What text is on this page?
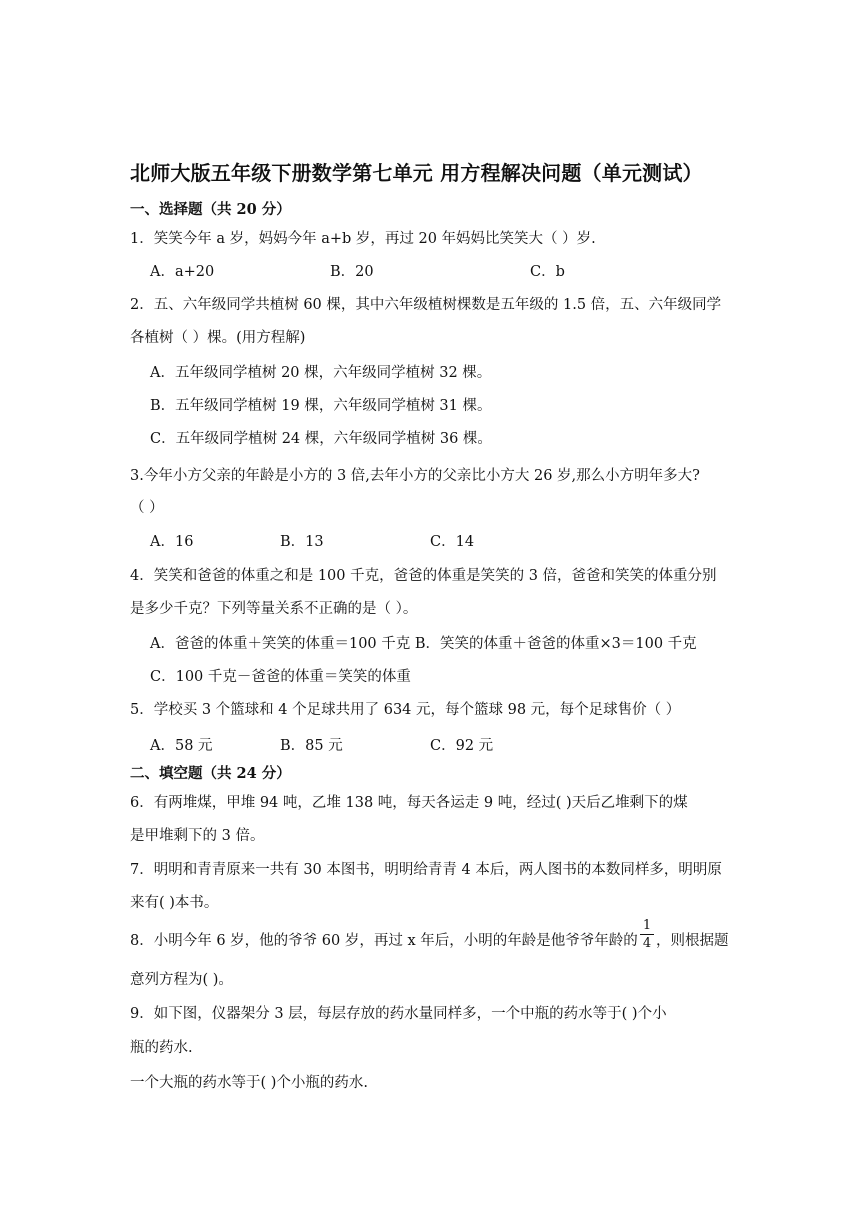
北师大版五年级下册数学第七单元 用方程解决问题（单元测试）
一、选择题（共 20 分）
1．笑笑今年 a 岁，妈妈今年 a+b 岁，再过 20 年妈妈比笑笑大（ ）岁.
A．a+20	B．20	C．b
2．五、六年级同学共植树 60 棵，其中六年级植树棵数是五年级的 1.5 倍，五、六年级同学
各植树（ ）棵。(用方程解)
A．五年级同学植树 20 棵，六年级同学植树 32 棵。
B．五年级同学植树 19 棵，六年级同学植树 31 棵。
C．五年级同学植树 24 棵，六年级同学植树 36 棵。
3.今年小方父亲的年龄是小方的 3 倍,去年小方的父亲比小方大 26 岁,那么小方明年多大?
（ ）
A．16	B．13	C．14
4．笑笑和爸爸的体重之和是 100 千克，爸爸的体重是笑笑的 3 倍，爸爸和笑笑的体重分别
是多少千克？下列等量关系不正确的是（ ）。
A．爸爸的体重＋笑笑的体重＝100 千克 B．笑笑的体重＋爸爸的体重×3＝100 千克
C．100 千克－爸爸的体重＝笑笑的体重
5．学校买 3 个篮球和 4 个足球共用了 634 元，每个篮球 98 元，每个足球售价（ ）
A．58 元	B．85 元	C．92 元
二、填空题（共 24 分）
6．有两堆煤，甲堆 94 吨，乙堆 138 吨，每天各运走 9 吨，经过( )天后乙堆剩下的煤
是甲堆剩下的 3 倍。
7．明明和青青原来一共有 30 本图书，明明给青青 4 本后，两人图书的本数同样多，明明原
来有( )本书。
8．小明今年 6 岁，他的爷爷 60 岁，再过 x 年后，小明的年龄是他爷爷年龄的
1
4 ，则根据题
意列方程为( )。
9．如下图，仪器架分 3 层，每层存放的药水量同样多，一个中瓶的药水等于( )个小
瓶的药水.
一个大瓶的药水等于( )个小瓶的药水.
